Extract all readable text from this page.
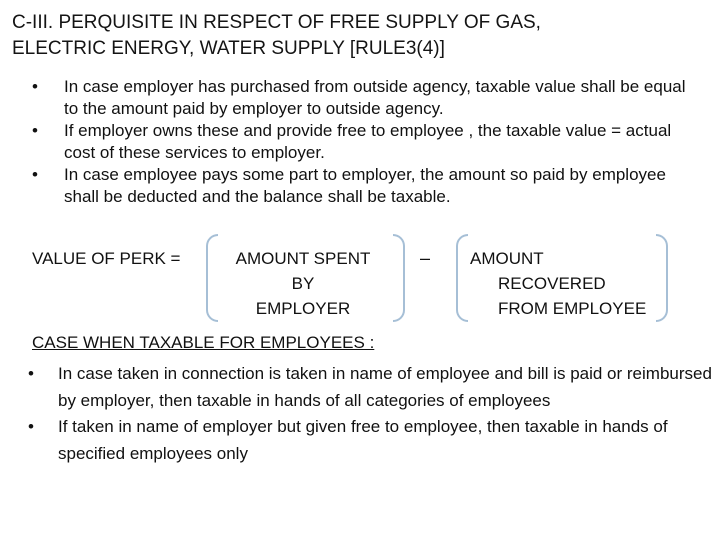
C-III. PERQUISITE IN RESPECT OF FREE SUPPLY OF GAS,
ELECTRIC ENERGY, WATER SUPPLY [RULE3(4)]
•	In case employer has purchased from outside agency, taxable value shall be equal to the amount paid by employer to outside agency.
•	If employer owns these and provide free to employee , the taxable value = actual cost of these services to employer.
•	In case employee pays some part to employer, the amount so paid by employee shall be deducted and the balance shall be taxable.
VALUE OF PERK =	AMOUNT SPENT
BY
EMPLOYER
– AMOUNT
RECOVERED
FROM EMPLOYEE
CASE WHEN TAXABLE FOR EMPLOYEES :
• In case taken in connection is taken in name of employee and bill is paid or reimbursed by employer, then taxable in hands of all categories of employees
• If taken in name of employer but given free to employee, then taxable in hands of specified employees only
